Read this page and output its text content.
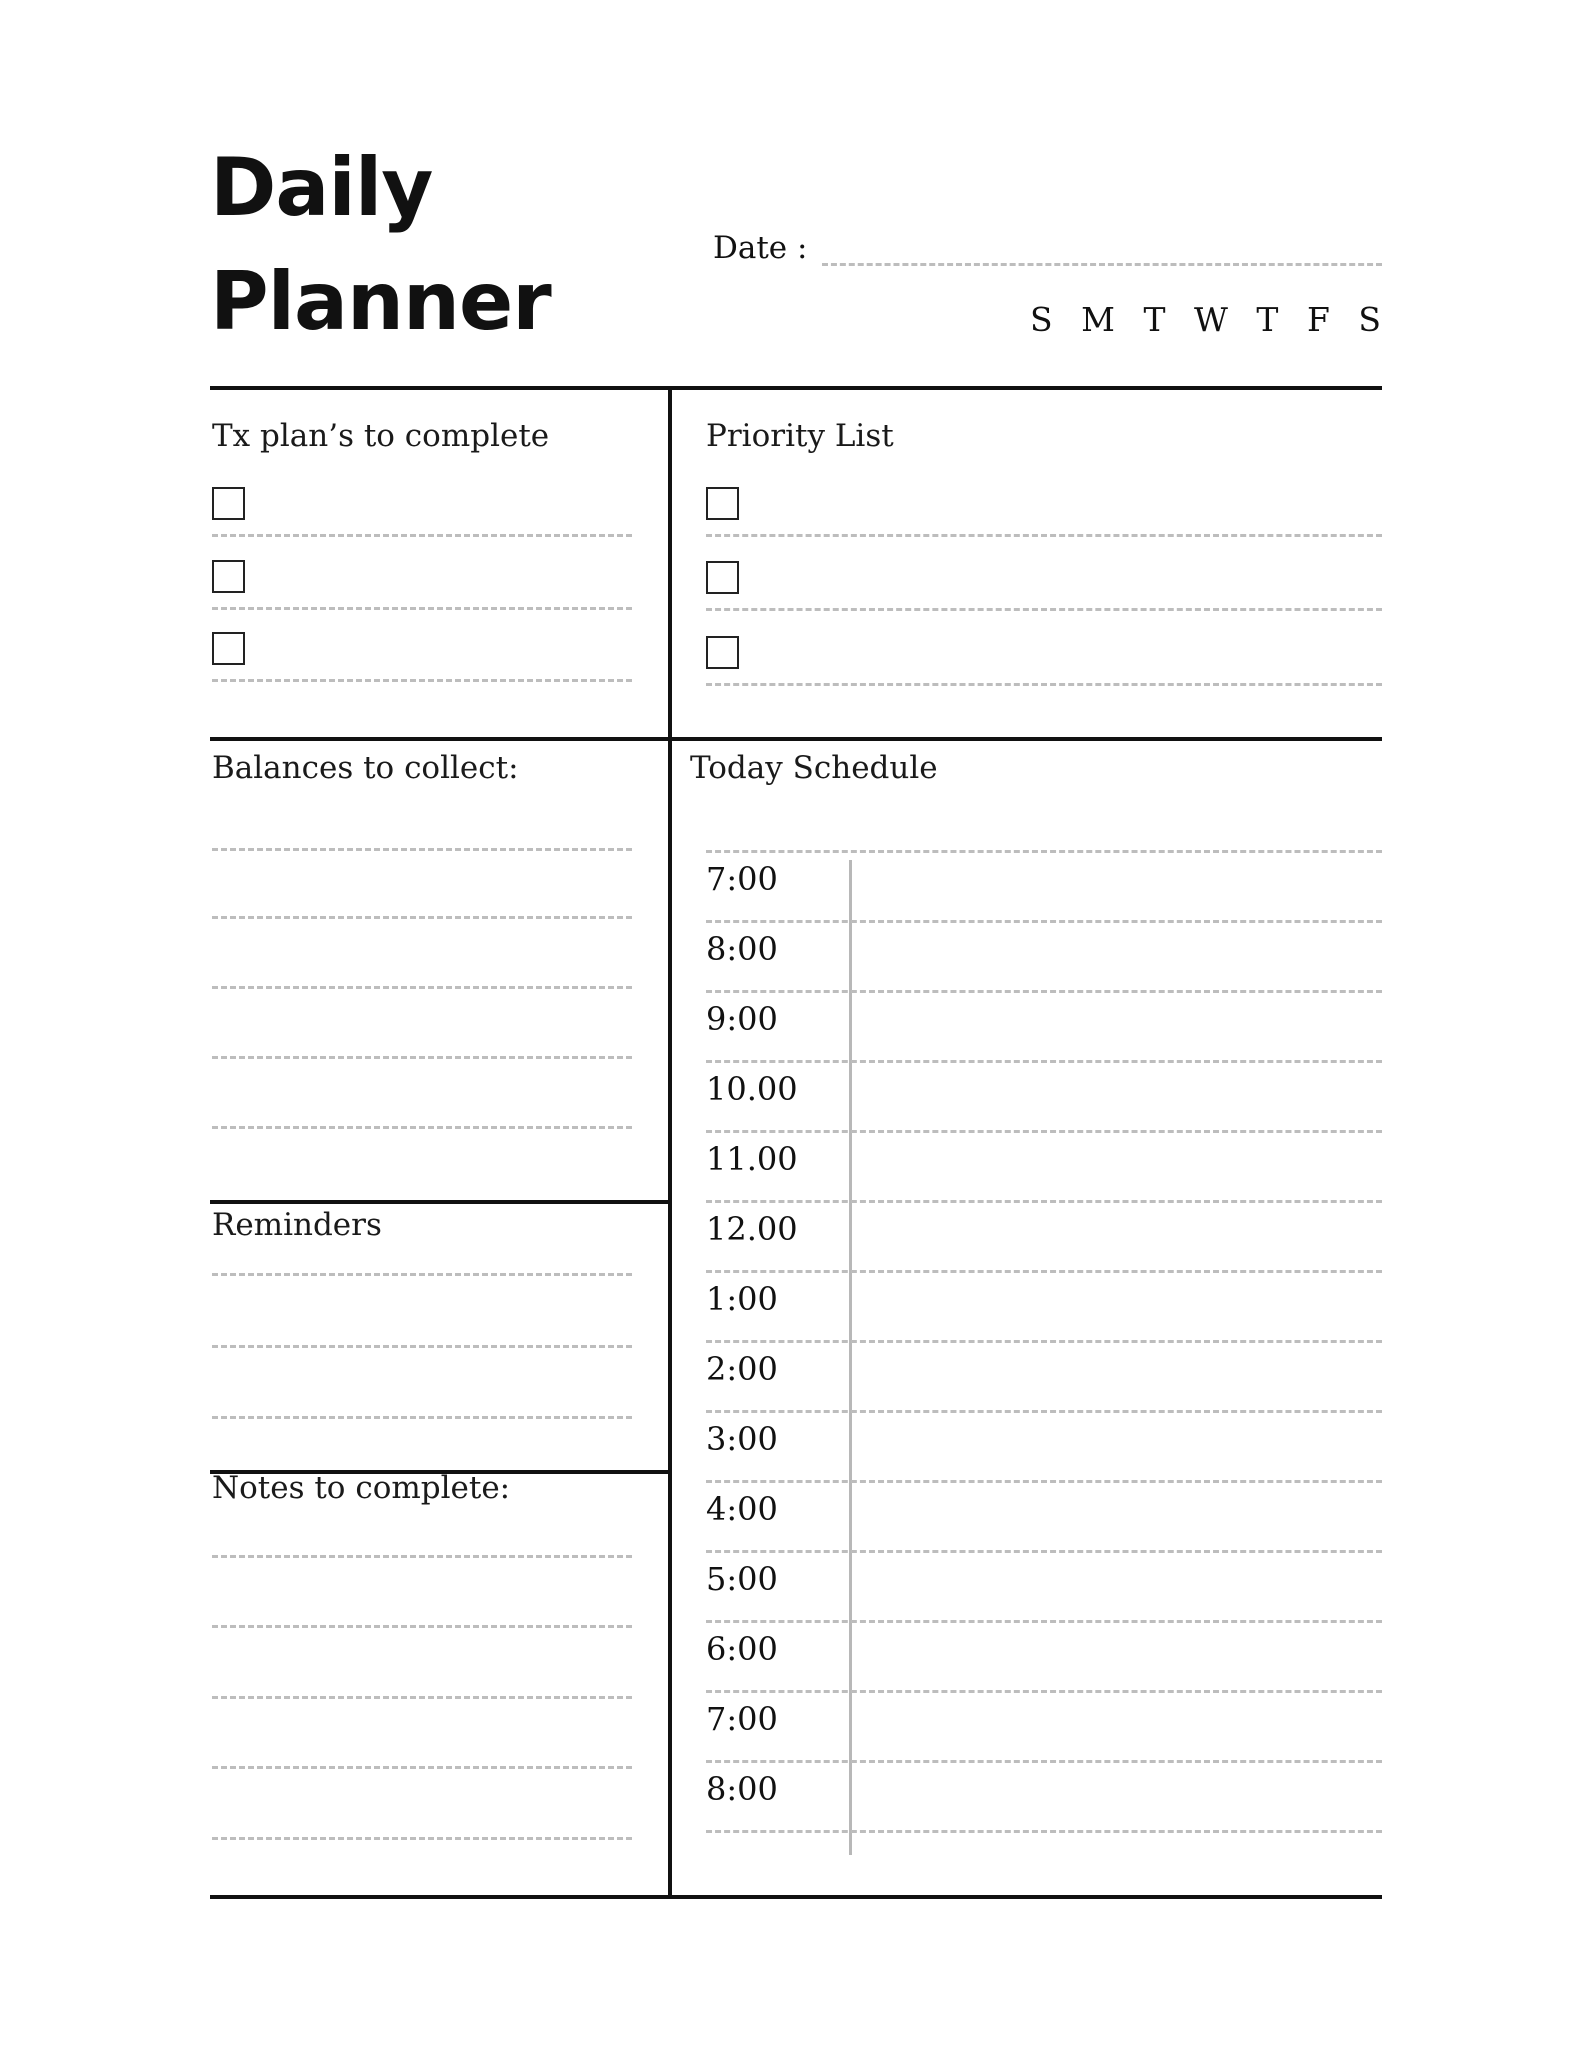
Daily
Planner
Date :
S M T W T F S
Tx plan’s to complete	Priority List
Balances to collect:
Reminders
Notes to complete:
Today Schedule
7:00
8:00
9:00
10.00
11.00
12.00
1:00
2:00
3:00
4:00
5:00
6:00
7:00
8:00
